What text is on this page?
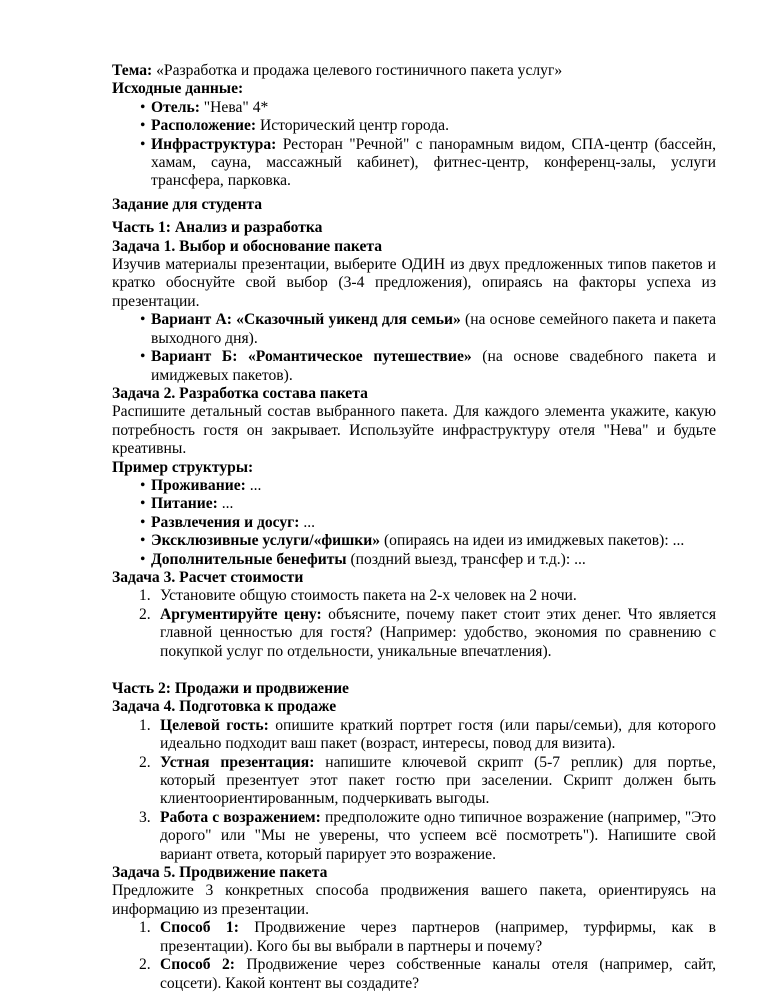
Тема: «Разработка и продажа целевого гостиничного пакета услуг»

Исходные данные:

• Отель: "Нева" 4*
• Расположение: Исторический центр города.
• Инфраструктура: Ресторан "Речной" с панорамным видом, СПА-центр (бассейн, хамам, сауна, массажный кабинет), фитнес-центр, конференц-залы, услуги трансфера, парковка.

Задание для студента

Часть 1: Анализ и разработка

Задача 1. Выбор и обоснование пакета

Изучив материалы презентации, выберите ОДИН из двух предложенных типов пакетов и кратко обоснуйте свой выбор (3-4 предложения), опираясь на факторы успеха из презентации.

• Вариант А: «Сказочный уикенд для семьи» (на основе семейного пакета и пакета выходного дня).
• Вариант Б: «Романтическое путешествие» (на основе свадебного пакета и имиджевых пакетов).

Задача 2. Разработка состава пакета

Распишите детальный состав выбранного пакета. Для каждого элемента укажите, какую потребность гостя он закрывает. Используйте инфраструктуру отеля "Нева" и будьте креативны.

Пример структуры:

• Проживание: ...
• Питание: ...
• Развлечения и досуг: ...
• Эксклюзивные услуги/«фишки» (опираясь на идеи из имиджевых пакетов): ...
• Дополнительные бенефиты (поздний выезд, трансфер и т.д.): ...

Задача 3. Расчет стоимости

1. Установите общую стоимость пакета на 2-х человек на 2 ночи.
2. Аргументируйте цену: объясните, почему пакет стоит этих денег. Что является главной ценностью для гостя? (Например: удобство, экономия по сравнению с покупкой услуг по отдельности, уникальные впечатления).

Часть 2: Продажи и продвижение

Задача 4. Подготовка к продаже

1. Целевой гость: опишите краткий портрет гостя (или пары/семьи), для которого идеально подходит ваш пакет (возраст, интересы, повод для визита).
2. Устная презентация: напишите ключевой скрипт (5-7 реплик) для портье, который презентует этот пакет гостю при заселении. Скрипт должен быть клиентоориентированным, подчеркивать выгоды.
3. Работа с возражением: предположите одно типичное возражение (например, "Это дорого" или "Мы не уверены, что успеем всё посмотреть"). Напишите свой вариант ответа, который парирует это возражение.

Задача 5. Продвижение пакета

Предложите 3 конкретных способа продвижения вашего пакета, ориентируясь на информацию из презентации.

1. Способ 1: Продвижение через партнеров (например, турфирмы, как в презентации). Кого бы вы выбрали в партнеры и почему?
2. Способ 2: Продвижение через собственные каналы отеля (например, сайт, соцсети). Какой контент вы создадите?
